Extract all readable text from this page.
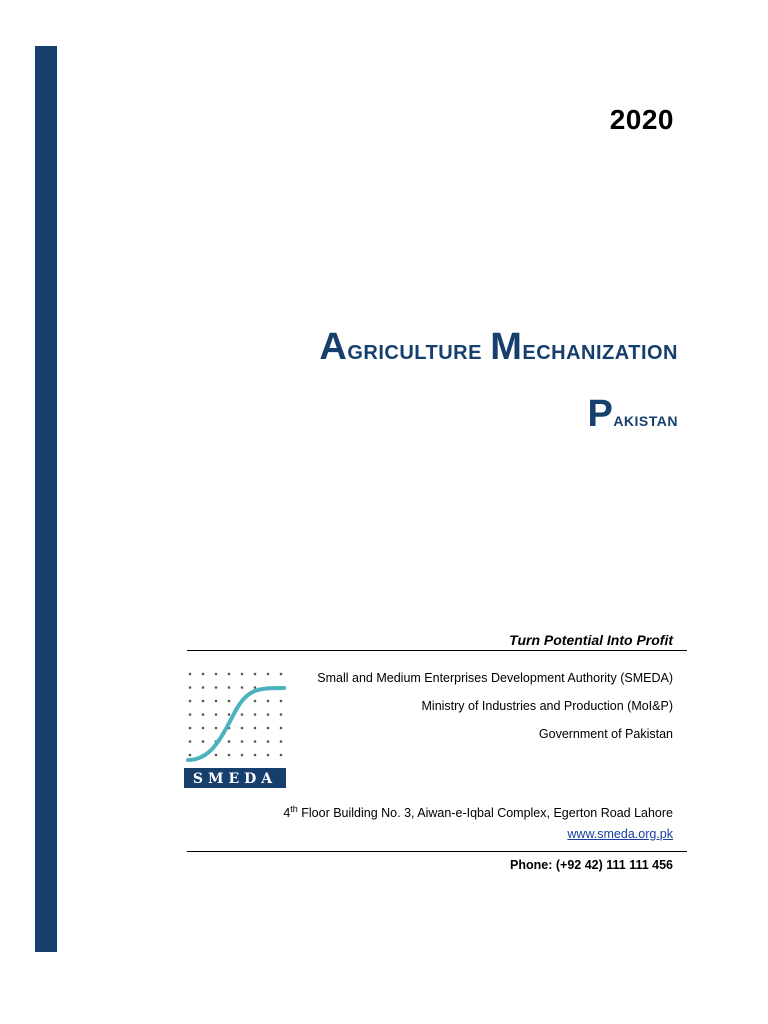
2020
Agriculture Mechanization
Pakistan
Turn Potential Into Profit
SMEDA
Small and Medium Enterprises Development Authority (SMEDA)
Ministry of Industries and Production (MoI&P)
Government of Pakistan
4th Floor Building No. 3, Aiwan-e-Iqbal Complex, Egerton Road Lahore
www.smeda.org.pk
Phone: (+92 42) 111 111 456
